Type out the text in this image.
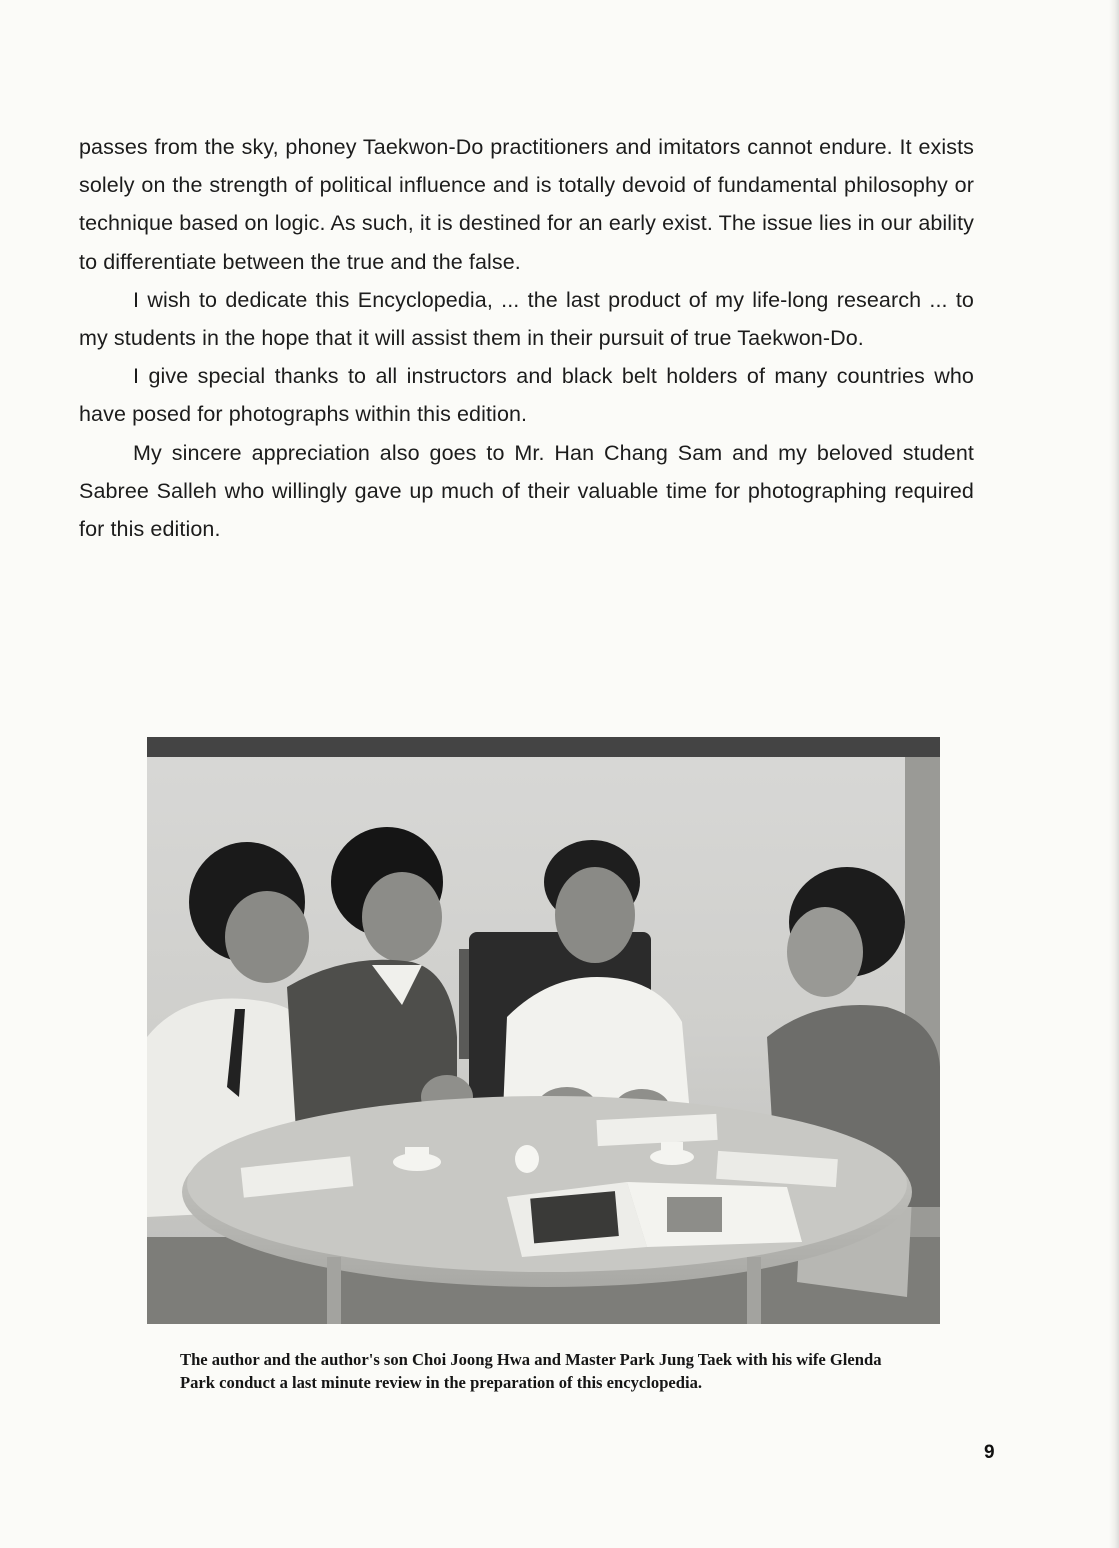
passes from the sky, phoney Taekwon-Do practitioners and imitators cannot endure. It exists solely on the strength of political influence and is totally devoid of fundamental philosophy or technique based on logic. As such, it is destined for an early exist. The issue lies in our ability to differentiate between the true and the false.

I wish to dedicate this Encyclopedia, ... the last product of my life-long research ... to my students in the hope that it will assist them in their pursuit of true Taekwon-Do.

I give special thanks to all instructors and black belt holders of many countries who have posed for photographs within this edition.

My sincere appreciation also goes to Mr. Han Chang Sam and my beloved student Sabree Salleh who willingly gave up much of their valuable time for photographing required for this edition.

The author and the author's son Choi Joong Hwa and Master Park Jung Taek with his wife Glenda Park conduct a last minute review in the preparation of this encyclopedia.
9
